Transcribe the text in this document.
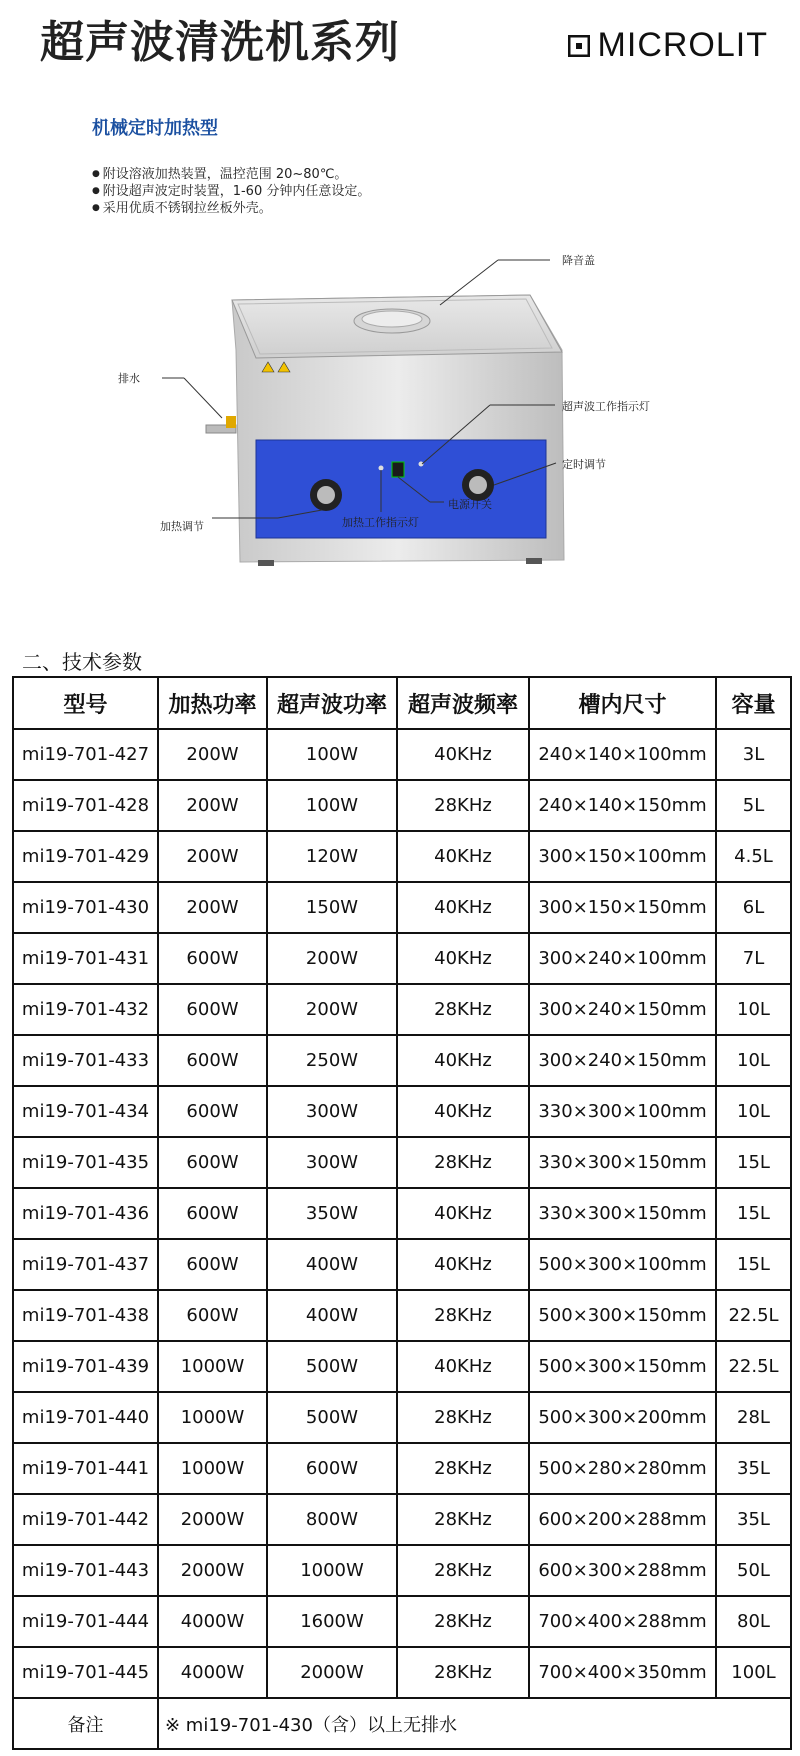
超声波清洗机系列	MICROLIT
机械定时加热型
● 附设溶液加热装置，温控范围 20~80℃。
● 附设超声波定时装置，1-60 分钟内任意设定。
● 采用优质不锈钢拉丝板外壳。
降音盖
排水
超声波工作指示灯
定时调节
电源开关
加热工作指示灯
加热调节
二、技术参数
型号	加热功率	超声波功率	超声波频率	槽内尺寸	容量
mi19-701-427	200W	100W	40KHz	240×140×100mm	3L
mi19-701-428	200W	100W	28KHz	240×140×150mm	5L
mi19-701-429	200W	120W	40KHz	300×150×100mm	4.5L
mi19-701-430	200W	150W	40KHz	300×150×150mm	6L
mi19-701-431	600W	200W	40KHz	300×240×100mm	7L
mi19-701-432	600W	200W	28KHz	300×240×150mm	10L
mi19-701-433	600W	250W	40KHz	300×240×150mm	10L
mi19-701-434	600W	300W	40KHz	330×300×100mm	10L
mi19-701-435	600W	300W	28KHz	330×300×150mm	15L
mi19-701-436	600W	350W	40KHz	330×300×150mm	15L
mi19-701-437	600W	400W	40KHz	500×300×100mm	15L
mi19-701-438	600W	400W	28KHz	500×300×150mm	22.5L
mi19-701-439	1000W	500W	40KHz	500×300×150mm	22.5L
mi19-701-440	1000W	500W	28KHz	500×300×200mm	28L
mi19-701-441	1000W	600W	28KHz	500×280×280mm	35L
mi19-701-442	2000W	800W	28KHz	600×200×288mm	35L
mi19-701-443	2000W	1000W	28KHz	600×300×288mm	50L
mi19-701-444	4000W	1600W	28KHz	700×400×288mm	80L
mi19-701-445	4000W	2000W	28KHz	700×400×350mm	100L
备注	※ mi19-701-430（含）以上无排水				
